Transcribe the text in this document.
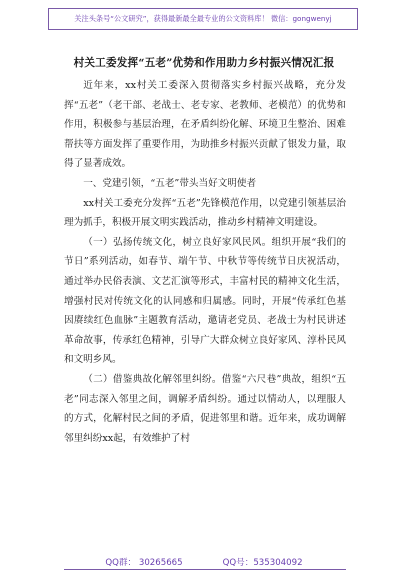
关注头条号“公文研究”，获得最新最全最专业的公文资料库！ 微信：gongwenyj
村关工委发挥“五老”优势和作用助力乡村振兴情况汇报

近年来，xx村关工委深入贯彻落实乡村振兴战略，充分发挥“五老”（老干部、老战士、老专家、老教师、老模范）的优势和作用，积极参与基层治理，在矛盾纠纷化解、环境卫生整治、困难帮扶等方面发挥了重要作用，为助推乡村振兴贡献了银发力量，取得了显著成效。

一、党建引领，“五老”带头当好文明使者

xx村关工委充分发挥“五老”先锋模范作用，以党建引领基层治理为抓手，积极开展文明实践活动，推动乡村精神文明建设。

（一）弘扬传统文化，树立良好家风民风。组织开展“我们的节日”系列活动，如春节、端午节、中秋节等传统节日庆祝活动，通过举办民俗表演、文艺汇演等形式，丰富村民的精神文化生活，增强村民对传统文化的认同感和归属感。同时，开展“传承红色基因赓续红色血脉”主题教育活动，邀请老党员、老战士为村民讲述革命故事，传承红色精神，引导广大群众树立良好家风、淳朴民风和文明乡风。

（二）借鉴典故化解邻里纠纷。借鉴“六尺巷”典故，组织“五老”同志深入邻里之间，调解矛盾纠纷。通过以情动人，以理服人的方式，化解村民之间的矛盾，促进邻里和谐。近年来，成功调解邻里纠纷xx起，有效维护了村

QQ群： 30265665	QQ号：535304092
